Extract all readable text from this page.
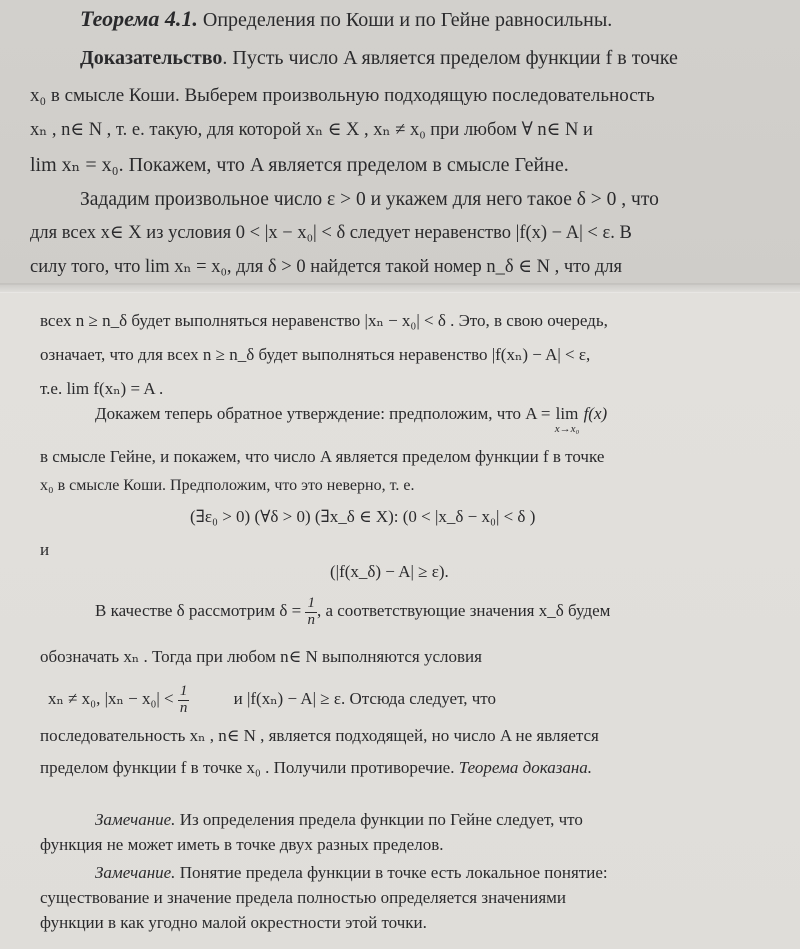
Теорема 4.1. Определения по Коши и по Гейне равносильны.
Доказательство. Пусть число A является пределом функции f в точке
x₀ в смысле Коши. Выберем произвольную подходящую последовательность
xₙ , n∈ N , т. е. такую, для которой xₙ ∈ X , xₙ ≠ x₀ при любом ∀ n∈ N и
lim xₙ = x₀. Покажем, что A является пределом в смысле Гейне.
Зададим произвольное число ε > 0 и укажем для него такое δ > 0 , что
для всех x∈ X из условия 0 < |x − x₀| < δ следует неравенство |f(x) − A| < ε. В
силу того, что lim xₙ = x₀, для δ > 0 найдется такой номер n_δ ∈ N , что для
всех n ≥ n_δ будет выполняться неравенство |xₙ − x₀| < δ . Это, в свою очередь,
означает, что для всех n ≥ n_δ будет выполняться неравенство |f(xₙ) − A| < ε,
т.е. lim f(xₙ) = A .
Докажем теперь обратное утверждение: предположим, что A = lim
x→x₀
f(x)
в смысле Гейне, и покажем, что число A является пределом функции f в точке
x₀ в смысле Коши. Предположим, что это неверно, т. е.
(∃ε₀ > 0) (∀δ > 0) (∃x_δ ∈ X): (0 < |x_δ − x₀| < δ )
и
(|f(x_δ) − A| ≥ ε).
В качестве δ рассмотрим $\delta = \frac{1}{n}$ , а соответствующие значения x_δ будем
обозначать xₙ . Тогда при любом n∈ N выполняются условия
xₙ ≠ x₀, $|x_n - x_0| < \frac{1}{n}$	и |f(xₙ) − A| ≥ ε. Отсюда следует, что
последовательность xₙ , n∈ N , является подходящей, но число A не является
пределом функции f в точке x₀ . Получили противоречие. Теорема доказана.
Замечание. Из определения предела функции по Гейне следует, что
функция не может иметь в точке двух разных пределов.
Замечание. Понятие предела функции в точке есть локальное понятие:
существование и значение предела полностью определяется значениями
функции в как угодно малой окрестности этой точки.
